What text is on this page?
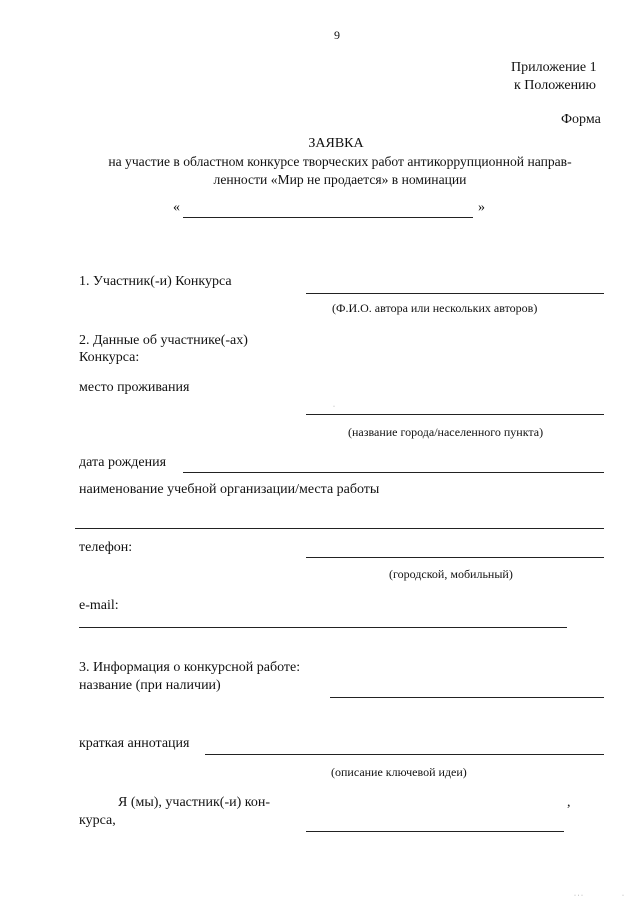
9
Приложение 1
к Положению
Форма
ЗАЯВКА
на участие в областном конкурсе творческих работ антикоррупционной направ-
ленности «Мир не продается» в номинации
«	»
1. Участник(-и) Конкурса
(Ф.И.О. автора или нескольких авторов)
2. Данные об участнике(-ах)
Конкурса:
место проживания
(название города/населенного пункта)
дата рождения
наименование учебной организации/места работы
телефон:
(городской, мобильный)
e-mail:
3. Информация о конкурсной работе:
название (при наличии)
краткая аннотация
(описание ключевой идеи)
Я (мы), участник(-и) кон-	,
курса,
·
· · ·	·
